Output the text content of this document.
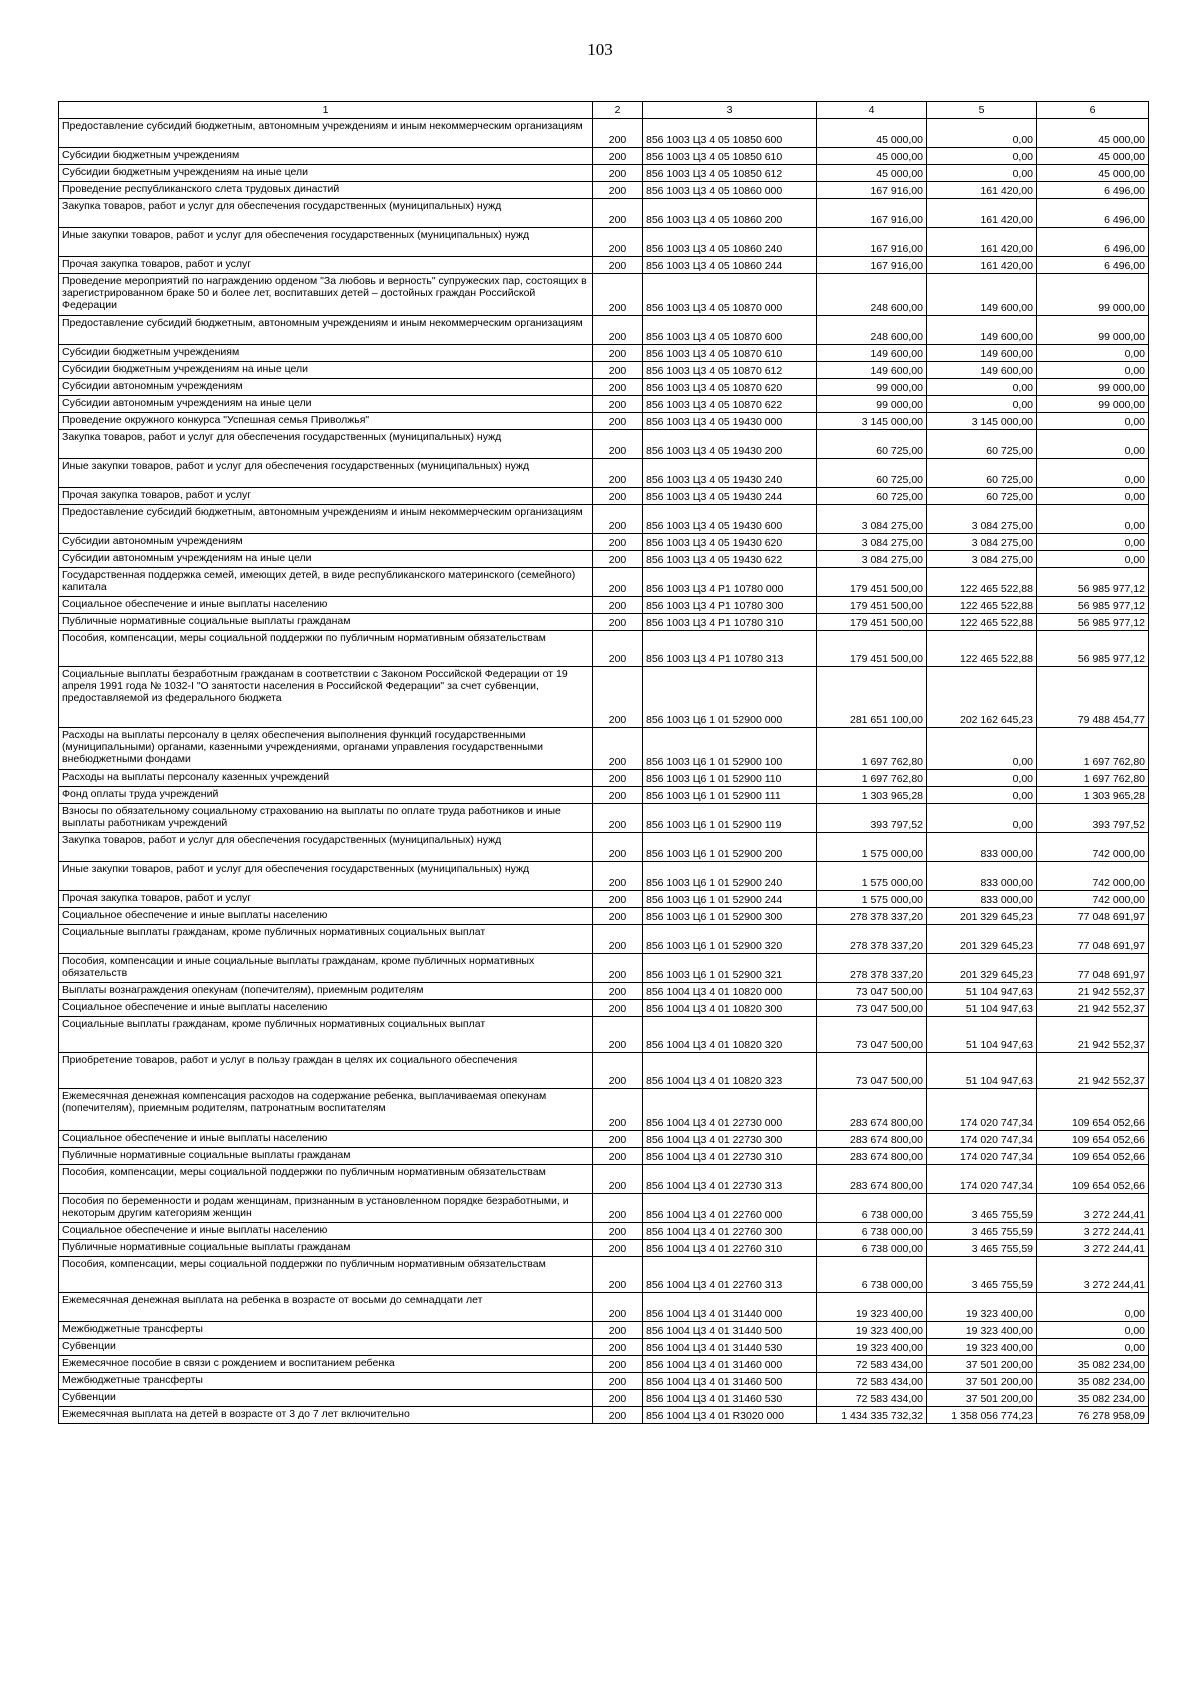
103
1	2	3	4	5	6
Предоставление субсидий бюджетным, автономным учреждениям и иным некоммерческим организациям	200	856 1003 Ц3 4 05 10850 600	45 000,00	0,00	45 000,00
Субсидии бюджетным учреждениям	200	856 1003 Ц3 4 05 10850 610	45 000,00	0,00	45 000,00
Субсидии бюджетным учреждениям на иные цели	200	856 1003 Ц3 4 05 10850 612	45 000,00	0,00	45 000,00
Проведение республиканского слета трудовых династий	200	856 1003 Ц3 4 05 10860 000	167 916,00	161 420,00	6 496,00
Закупка товаров, работ и услуг для обеспечения государственных (муниципальных) нужд	200	856 1003 Ц3 4 05 10860 200	167 916,00	161 420,00	6 496,00
Иные закупки товаров, работ и услуг для обеспечения государственных (муниципальных) нужд	200	856 1003 Ц3 4 05 10860 240	167 916,00	161 420,00	6 496,00
Прочая закупка товаров, работ и услуг	200	856 1003 Ц3 4 05 10860 244	167 916,00	161 420,00	6 496,00
Проведение мероприятий по награждению орденом "За любовь и верность" супружеских пар, состоящих в зарегистрированном браке 50 и более лет, воспитавших детей – достойных граждан Российской Федерации	200	856 1003 Ц3 4 05 10870 000	248 600,00	149 600,00	99 000,00
Предоставление субсидий бюджетным, автономным учреждениям и иным некоммерческим организациям	200	856 1003 Ц3 4 05 10870 600	248 600,00	149 600,00	99 000,00
Субсидии бюджетным учреждениям	200	856 1003 Ц3 4 05 10870 610	149 600,00	149 600,00	0,00
Субсидии бюджетным учреждениям на иные цели	200	856 1003 Ц3 4 05 10870 612	149 600,00	149 600,00	0,00
Субсидии автономным учреждениям	200	856 1003 Ц3 4 05 10870 620	99 000,00	0,00	99 000,00
Субсидии автономным учреждениям на иные цели	200	856 1003 Ц3 4 05 10870 622	99 000,00	0,00	99 000,00
Проведение окружного конкурса "Успешная семья Приволжья"	200	856 1003 Ц3 4 05 19430 000	3 145 000,00	3 145 000,00	0,00
Закупка товаров, работ и услуг для обеспечения государственных (муниципальных) нужд	200	856 1003 Ц3 4 05 19430 200	60 725,00	60 725,00	0,00
Иные закупки товаров, работ и услуг для обеспечения государственных (муниципальных) нужд	200	856 1003 Ц3 4 05 19430 240	60 725,00	60 725,00	0,00
Прочая закупка товаров, работ и услуг	200	856 1003 Ц3 4 05 19430 244	60 725,00	60 725,00	0,00
Предоставление субсидий бюджетным, автономным учреждениям и иным некоммерческим организациям	200	856 1003 Ц3 4 05 19430 600	3 084 275,00	3 084 275,00	0,00
Субсидии автономным учреждениям	200	856 1003 Ц3 4 05 19430 620	3 084 275,00	3 084 275,00	0,00
Субсидии автономным учреждениям на иные цели	200	856 1003 Ц3 4 05 19430 622	3 084 275,00	3 084 275,00	0,00
Государственная поддержка семей, имеющих детей, в виде республиканского материнского (семейного) капитала	200	856 1003 Ц3 4 Р1 10780 000	179 451 500,00	122 465 522,88	56 985 977,12
Социальное обеспечение и иные выплаты населению	200	856 1003 Ц3 4 Р1 10780 300	179 451 500,00	122 465 522,88	56 985 977,12
Публичные нормативные социальные выплаты гражданам	200	856 1003 Ц3 4 Р1 10780 310	179 451 500,00	122 465 522,88	56 985 977,12
Пособия, компенсации, меры социальной поддержки по публичным нормативным обязательствам	200	856 1003 Ц3 4 Р1 10780 313	179 451 500,00	122 465 522,88	56 985 977,12
Социальные выплаты безработным гражданам в соответствии с Законом Российской Федерации от 19 апреля 1991 года № 1032-I "О занятости населения в Российской Федерации" за счет субвенции, предоставляемой из федерального бюджета	200	856 1003 Ц6 1 01 52900 000	281 651 100,00	202 162 645,23	79 488 454,77
Расходы на выплаты персоналу в целях обеспечения выполнения функций государственными (муниципальными) органами, казенными учреждениями, органами управления государственными внебюджетными фондами	200	856 1003 Ц6 1 01 52900 100	1 697 762,80	0,00	1 697 762,80
Расходы на выплаты персоналу казенных учреждений	200	856 1003 Ц6 1 01 52900 110	1 697 762,80	0,00	1 697 762,80
Фонд оплаты труда учреждений	200	856 1003 Ц6 1 01 52900 111	1 303 965,28	0,00	1 303 965,28
Взносы по обязательному социальному страхованию на выплаты по оплате труда работников и иные выплаты работникам учреждений	200	856 1003 Ц6 1 01 52900 119	393 797,52	0,00	393 797,52
Закупка товаров, работ и услуг для обеспечения государственных (муниципальных) нужд	200	856 1003 Ц6 1 01 52900 200	1 575 000,00	833 000,00	742 000,00
Иные закупки товаров, работ и услуг для обеспечения государственных (муниципальных) нужд	200	856 1003 Ц6 1 01 52900 240	1 575 000,00	833 000,00	742 000,00
Прочая закупка товаров, работ и услуг	200	856 1003 Ц6 1 01 52900 244	1 575 000,00	833 000,00	742 000,00
Социальное обеспечение и иные выплаты населению	200	856 1003 Ц6 1 01 52900 300	278 378 337,20	201 329 645,23	77 048 691,97
Социальные выплаты гражданам, кроме публичных нормативных социальных выплат	200	856 1003 Ц6 1 01 52900 320	278 378 337,20	201 329 645,23	77 048 691,97
Пособия, компенсации и иные социальные выплаты гражданам, кроме публичных нормативных обязательств	200	856 1003 Ц6 1 01 52900 321	278 378 337,20	201 329 645,23	77 048 691,97
Выплаты вознаграждения опекунам (попечителям), приемным родителям	200	856 1004 Ц3 4 01 10820 000	73 047 500,00	51 104 947,63	21 942 552,37
Социальное обеспечение и иные выплаты населению	200	856 1004 Ц3 4 01 10820 300	73 047 500,00	51 104 947,63	21 942 552,37
Социальные выплаты гражданам, кроме публичных нормативных социальных выплат	200	856 1004 Ц3 4 01 10820 320	73 047 500,00	51 104 947,63	21 942 552,37
Приобретение товаров, работ и услуг в пользу граждан в целях их социального обеспечения	200	856 1004 Ц3 4 01 10820 323	73 047 500,00	51 104 947,63	21 942 552,37
Ежемесячная денежная компенсация расходов на содержание ребенка, выплачиваемая опекунам (попечителям), приемным родителям, патронатным воспитателям	200	856 1004 Ц3 4 01 22730 000	283 674 800,00	174 020 747,34	109 654 052,66
Социальное обеспечение и иные выплаты населению	200	856 1004 Ц3 4 01 22730 300	283 674 800,00	174 020 747,34	109 654 052,66
Публичные нормативные социальные выплаты гражданам	200	856 1004 Ц3 4 01 22730 310	283 674 800,00	174 020 747,34	109 654 052,66
Пособия, компенсации, меры социальной поддержки по публичным нормативным обязательствам	200	856 1004 Ц3 4 01 22730 313	283 674 800,00	174 020 747,34	109 654 052,66
Пособия по беременности и родам женщинам, признанным в установленном порядке безработными, и некоторым другим категориям женщин	200	856 1004 Ц3 4 01 22760 000	6 738 000,00	3 465 755,59	3 272 244,41
Социальное обеспечение и иные выплаты населению	200	856 1004 Ц3 4 01 22760 300	6 738 000,00	3 465 755,59	3 272 244,41
Публичные нормативные социальные выплаты гражданам	200	856 1004 Ц3 4 01 22760 310	6 738 000,00	3 465 755,59	3 272 244,41
Пособия, компенсации, меры социальной поддержки по публичным нормативным обязательствам	200	856 1004 Ц3 4 01 22760 313	6 738 000,00	3 465 755,59	3 272 244,41
Ежемесячная денежная выплата на ребенка в возрасте от восьми до семнадцати лет	200	856 1004 Ц3 4 01 31440 000	19 323 400,00	19 323 400,00	0,00
Межбюджетные трансферты	200	856 1004 Ц3 4 01 31440 500	19 323 400,00	19 323 400,00	0,00
Субвенции	200	856 1004 Ц3 4 01 31440 530	19 323 400,00	19 323 400,00	0,00
Ежемесячное пособие в связи с рождением и воспитанием ребенка	200	856 1004 Ц3 4 01 31460 000	72 583 434,00	37 501 200,00	35 082 234,00
Межбюджетные трансферты	200	856 1004 Ц3 4 01 31460 500	72 583 434,00	37 501 200,00	35 082 234,00
Субвенции	200	856 1004 Ц3 4 01 31460 530	72 583 434,00	37 501 200,00	35 082 234,00
Ежемесячная выплата на детей в возрасте от 3 до 7 лет включительно	200	856 1004 Ц3 4 01 R3020 000	1 434 335 732,32	1 358 056 774,23	76 278 958,09
